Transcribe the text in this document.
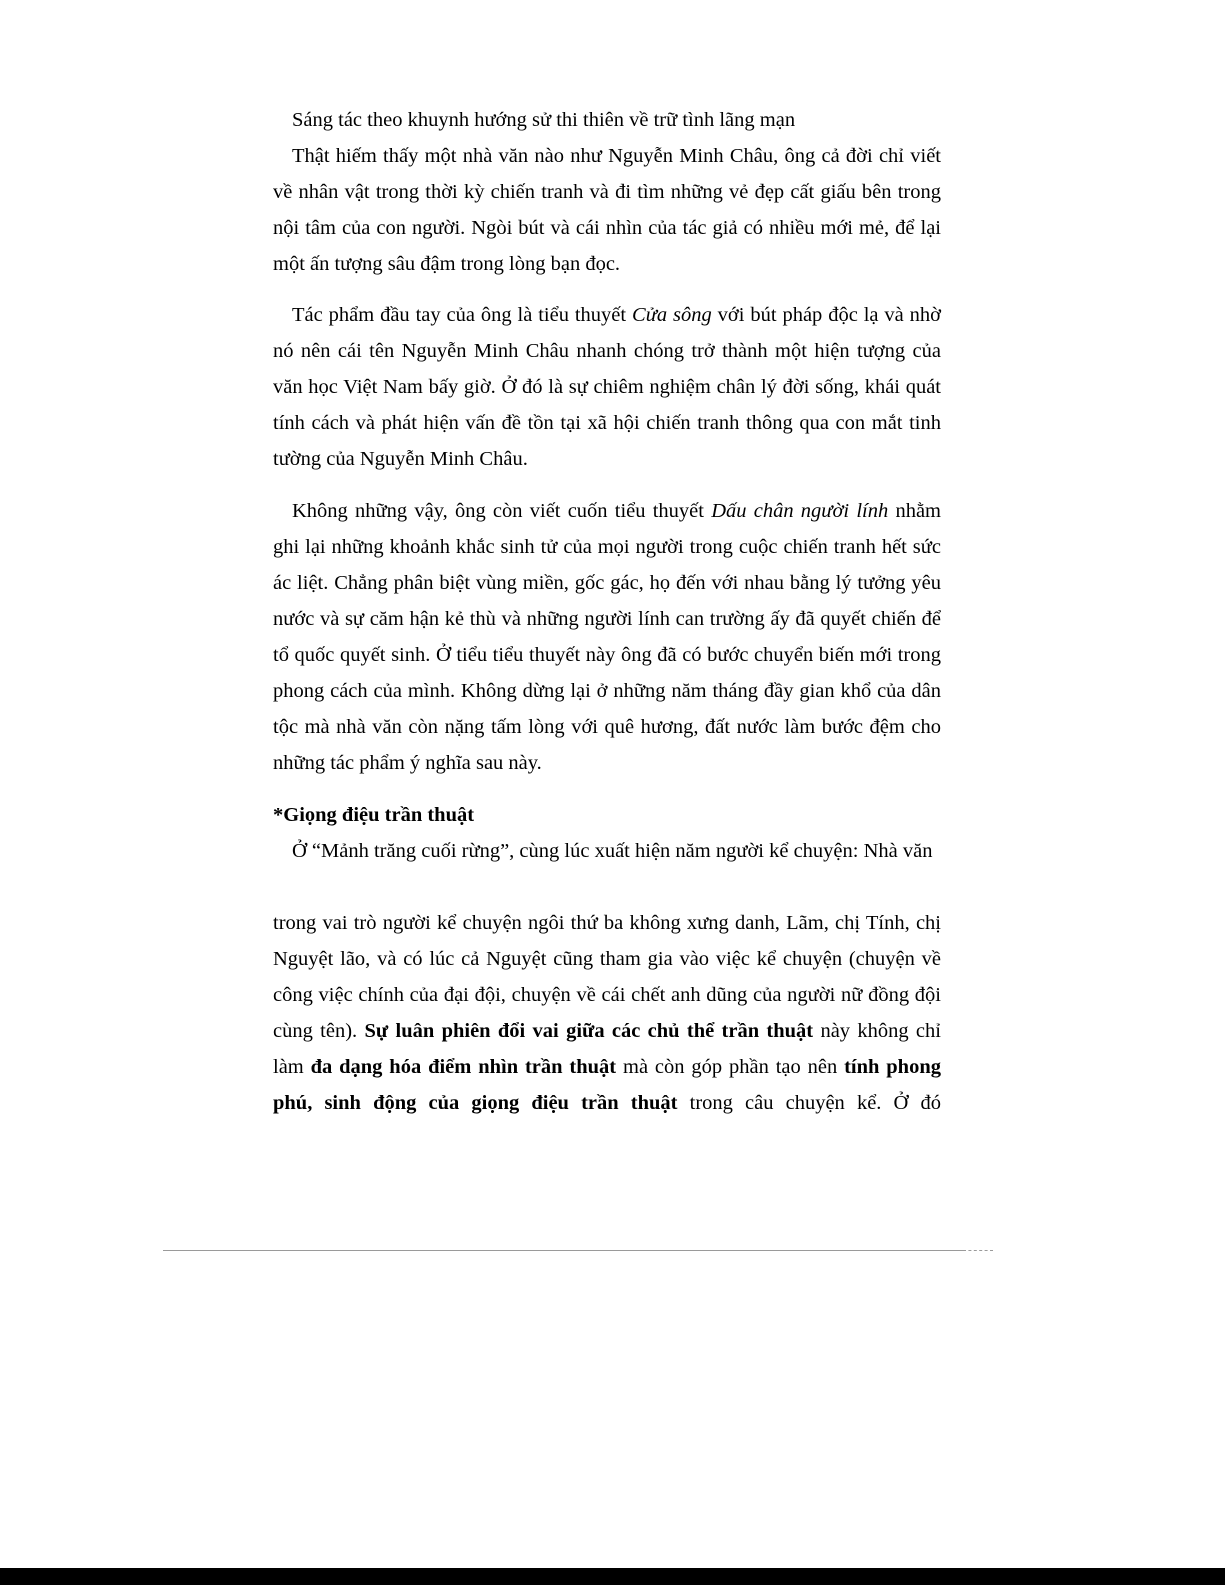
Sáng tác theo khuynh hướng sử thi thiên về trữ tình lãng mạn

Thật hiếm thấy một nhà văn nào như Nguyễn Minh Châu, ông cả đời chỉ viết về nhân vật trong thời kỳ chiến tranh và đi tìm những vẻ đẹp cất giấu bên trong nội tâm của con người. Ngòi bút và cái nhìn của tác giả có nhiều mới mẻ, để lại một ấn tượng sâu đậm trong lòng bạn đọc.

Tác phẩm đầu tay của ông là tiểu thuyết Cửa sông với bút pháp độc lạ và nhờ nó nên cái tên Nguyễn Minh Châu nhanh chóng trở thành một hiện tượng của văn học Việt Nam bấy giờ. Ở đó là sự chiêm nghiệm chân lý đời sống, khái quát tính cách và phát hiện vấn đề tồn tại xã hội chiến tranh thông qua con mắt tinh tường của Nguyễn Minh Châu.

Không những vậy, ông còn viết cuốn tiểu thuyết Dấu chân người lính nhằm ghi lại những khoảnh khắc sinh tử của mọi người trong cuộc chiến tranh hết sức ác liệt. Chẳng phân biệt vùng miền, gốc gác, họ đến với nhau bằng lý tưởng yêu nước và sự căm hận kẻ thù và những người lính can trường ấy đã quyết chiến để tổ quốc quyết sinh. Ở tiểu tiểu thuyết này ông đã có bước chuyển biến mới trong phong cách của mình. Không dừng lại ở những năm tháng đầy gian khổ của dân tộc mà nhà văn còn nặng tấm lòng với quê hương, đất nước làm bước đệm cho những tác phẩm ý nghĩa sau này.

*Giọng điệu trần thuật

Ở “Mảnh trăng cuối rừng”, cùng lúc xuất hiện năm người kể chuyện: Nhà văn

trong vai trò người kể chuyện ngôi thứ ba không xưng danh, Lãm, chị Tính, chị Nguyệt lão, và có lúc cả Nguyệt cũng tham gia vào việc kể chuyện (chuyện về công việc chính của đại đội, chuyện về cái chết anh dũng của người nữ đồng đội cùng tên). Sự luân phiên đổi vai giữa các chủ thể trần thuật này không chỉ làm đa dạng hóa điểm nhìn trần thuật mà còn góp phần tạo nên tính phong phú, sinh động của giọng điệu trần thuật trong câu chuyện kể. Ở đó
